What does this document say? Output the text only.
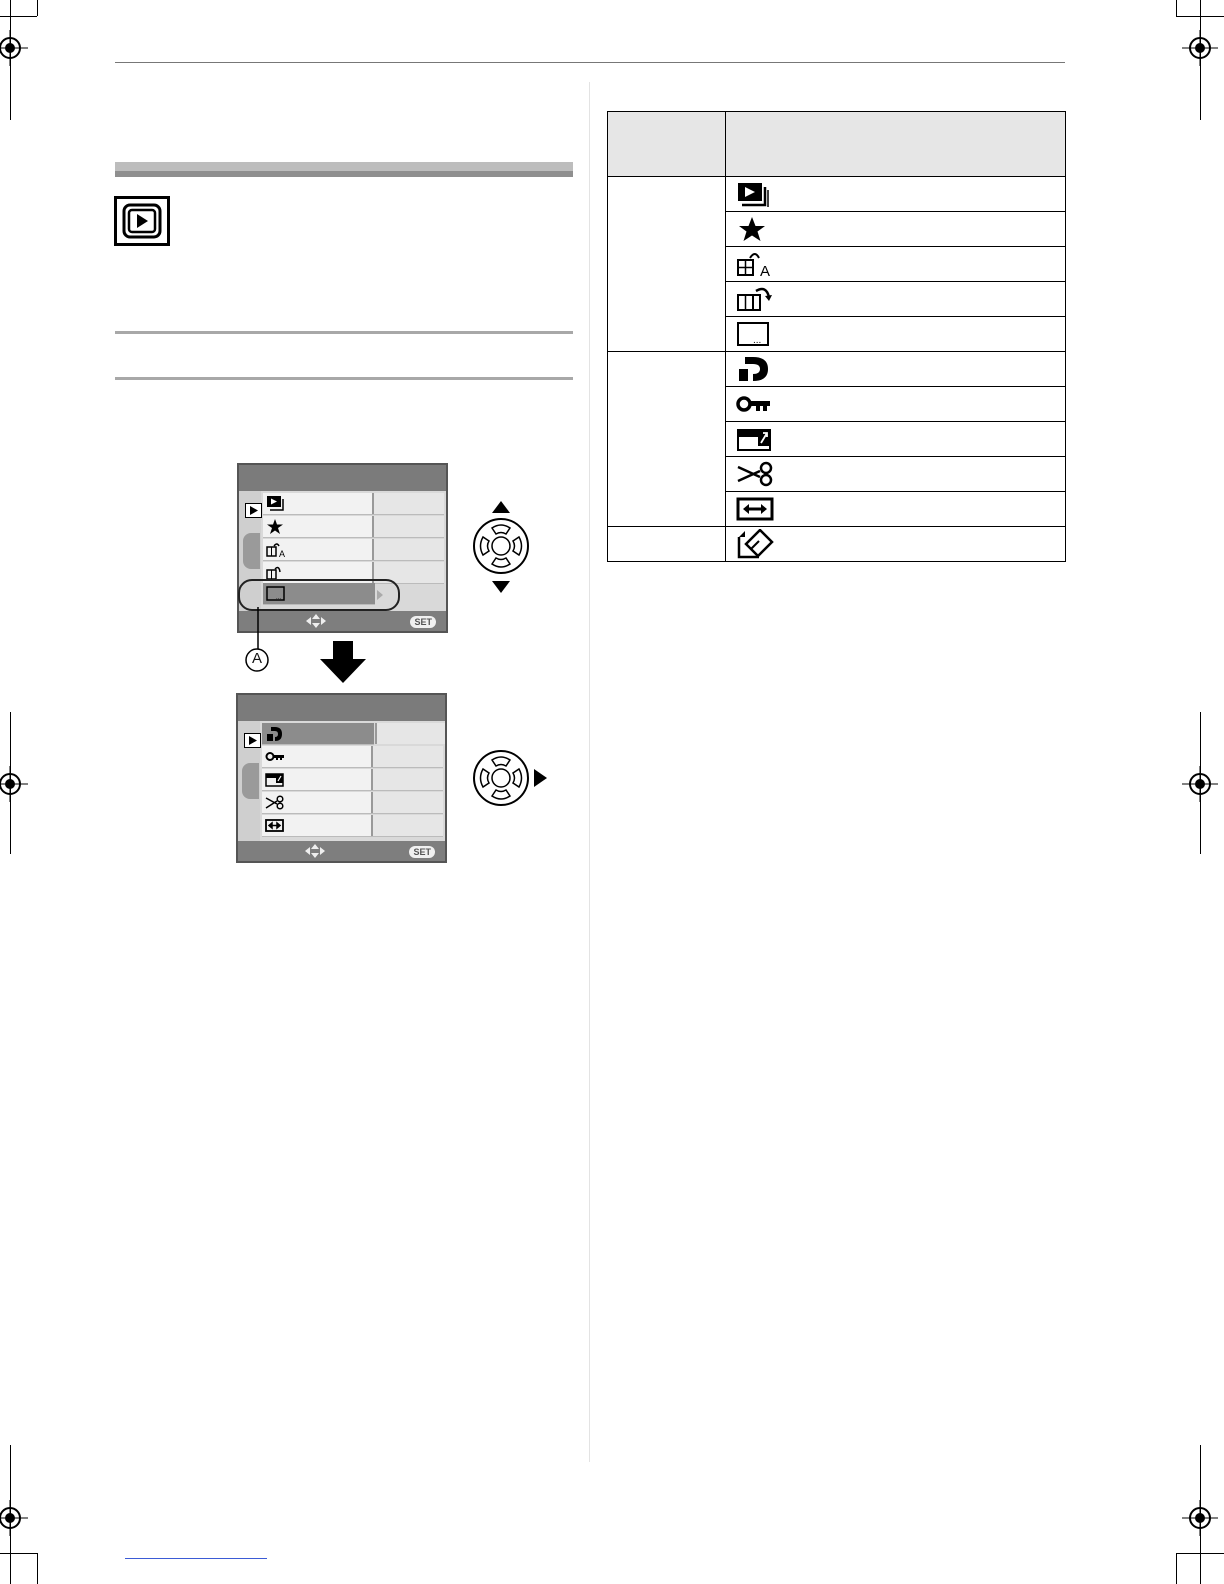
A
...
SET
A
SET

A

...
